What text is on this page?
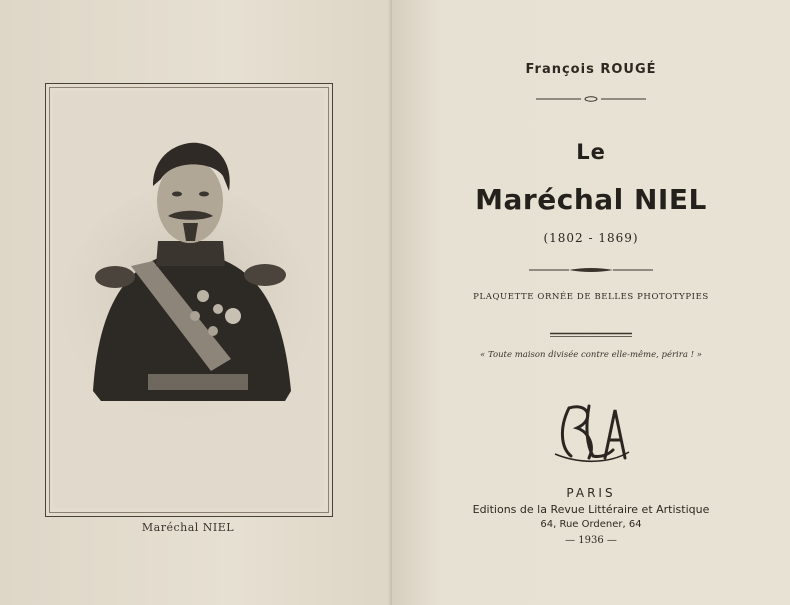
Maréchal NIEL
François ROUGÉ
Le
Maréchal NIEL
(1802 - 1869)
PLAQUETTE ORNÉE DE BELLES PHOTOTYPIES
« Toute maison divisée contre elle-même, périra ! »
RLA
PARIS
Editions de la Revue Littéraire et Artistique
64, Rue Ordener, 64
— 1936 —
